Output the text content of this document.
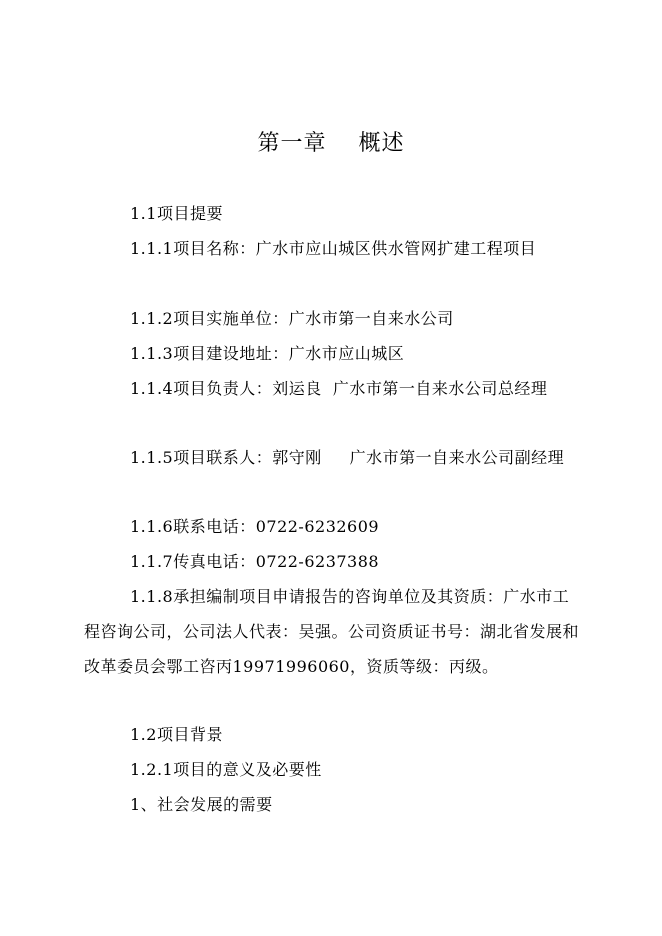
第一章    概述
1.1项目提要
1.1.1项目名称：广水市应山城区供水管网扩建工程项目
1.1.2项目实施单位：广水市第一自来水公司
1.1.3项目建设地址：广水市应山城区
1.1.4项目负责人：刘运良  广水市第一自来水公司总经理
1.1.5项目联系人：郭守刚     广水市第一自来水公司副经理
1.1.6联系电话：0722-6232609
1.1.7传真电话：0722-6237388
1.1.8承担编制项目申请报告的咨询单位及其资质：广水市工程咨询公司，公司法人代表：吴强。公司资质证书号：湖北省发展和改革委员会鄂工咨丙19971996060，资质等级：丙级。
1.2项目背景
1.2.1项目的意义及必要性
1、社会发展的需要
